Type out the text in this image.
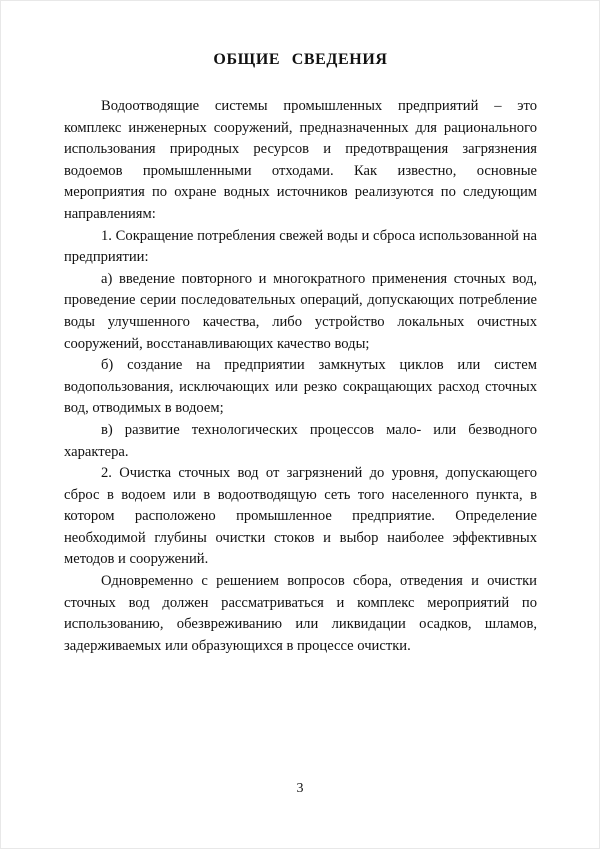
ОБЩИЕ СВЕДЕНИЯ

Водоотводящие системы промышленных предприятий – это комплекс инженерных сооружений, предназначенных для рационального использования природных ресурсов и предотвращения загрязнения водоемов промышленными отходами. Как известно, основные мероприятия по охране водных источников реализуются по следующим направлениям:

1. Сокращение потребления свежей воды и сброса использованной на предприятии:

а) введение повторного и многократного применения сточных вод, проведение серии последовательных операций, допускающих потребление воды улучшенного качества, либо устройство локальных очистных сооружений, восстанавливающих качество воды;

б) создание на предприятии замкнутых циклов или систем водопользования, исключающих или резко сокращающих расход сточных вод, отводимых в водоем;

в) развитие технологических процессов мало- или безводного характера.

2. Очистка сточных вод от загрязнений до уровня, допускающего сброс в водоем или в водоотводящую сеть того населенного пункта, в котором расположено промышленное предприятие. Определение необходимой глубины очистки стоков и выбор наиболее эффективных методов и сооружений.

Одновременно с решением вопросов сбора, отведения и очистки сточных вод должен рассматриваться и комплекс мероприятий по использованию, обезвреживанию или ликвидации осадков, шламов, задерживаемых или образующихся в процессе очистки.

3
